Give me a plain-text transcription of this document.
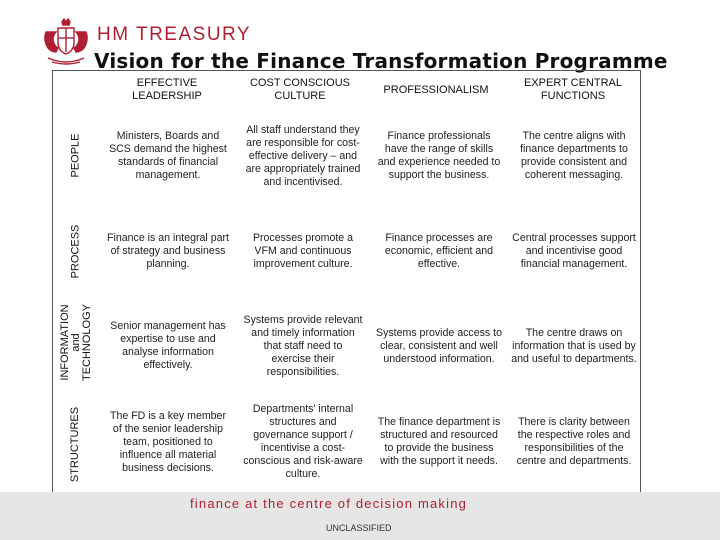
HM TREASURY
Vision for the Finance Transformation Programme
EFFECTIVE LEADERSHIP
COST CONSCIOUS CULTURE
PROFESSIONALISM
EXPERT CENTRAL FUNCTIONS
PEOPLE
PROCESS
INFORMATION and TECHNOLOGY
STRUCTURES
Ministers, Boards and SCS demand the highest standards of financial management.
All staff understand they are responsible for cost-effective delivery – and are appropriately trained and incentivised.
Finance professionals have the range of skills and experience needed to support the business.
The centre aligns with finance departments to provide consistent and coherent messaging.
Finance is an integral part of strategy and business planning.
Processes promote a VFM and continuous improvement culture.
Finance processes are economic, efficient and effective.
Central processes support and incentivise good financial management.
Senior management has expertise to use and analyse information effectively.
Systems provide relevant and timely information that staff need to exercise their responsibilities.
Systems provide access to clear, consistent and well understood information.
The centre draws on information that is used by and useful to departments.
The FD is a key member of the senior leadership team, positioned to influence all material business decisions.
Departments' internal structures and governance support / incentivise a cost-conscious and risk-aware culture.
The finance department is structured and resourced to provide the business with the support it needs.
There is clarity between the respective roles and responsibilities of the centre and departments.
finance at the centre of decision making
UNCLASSIFIED
